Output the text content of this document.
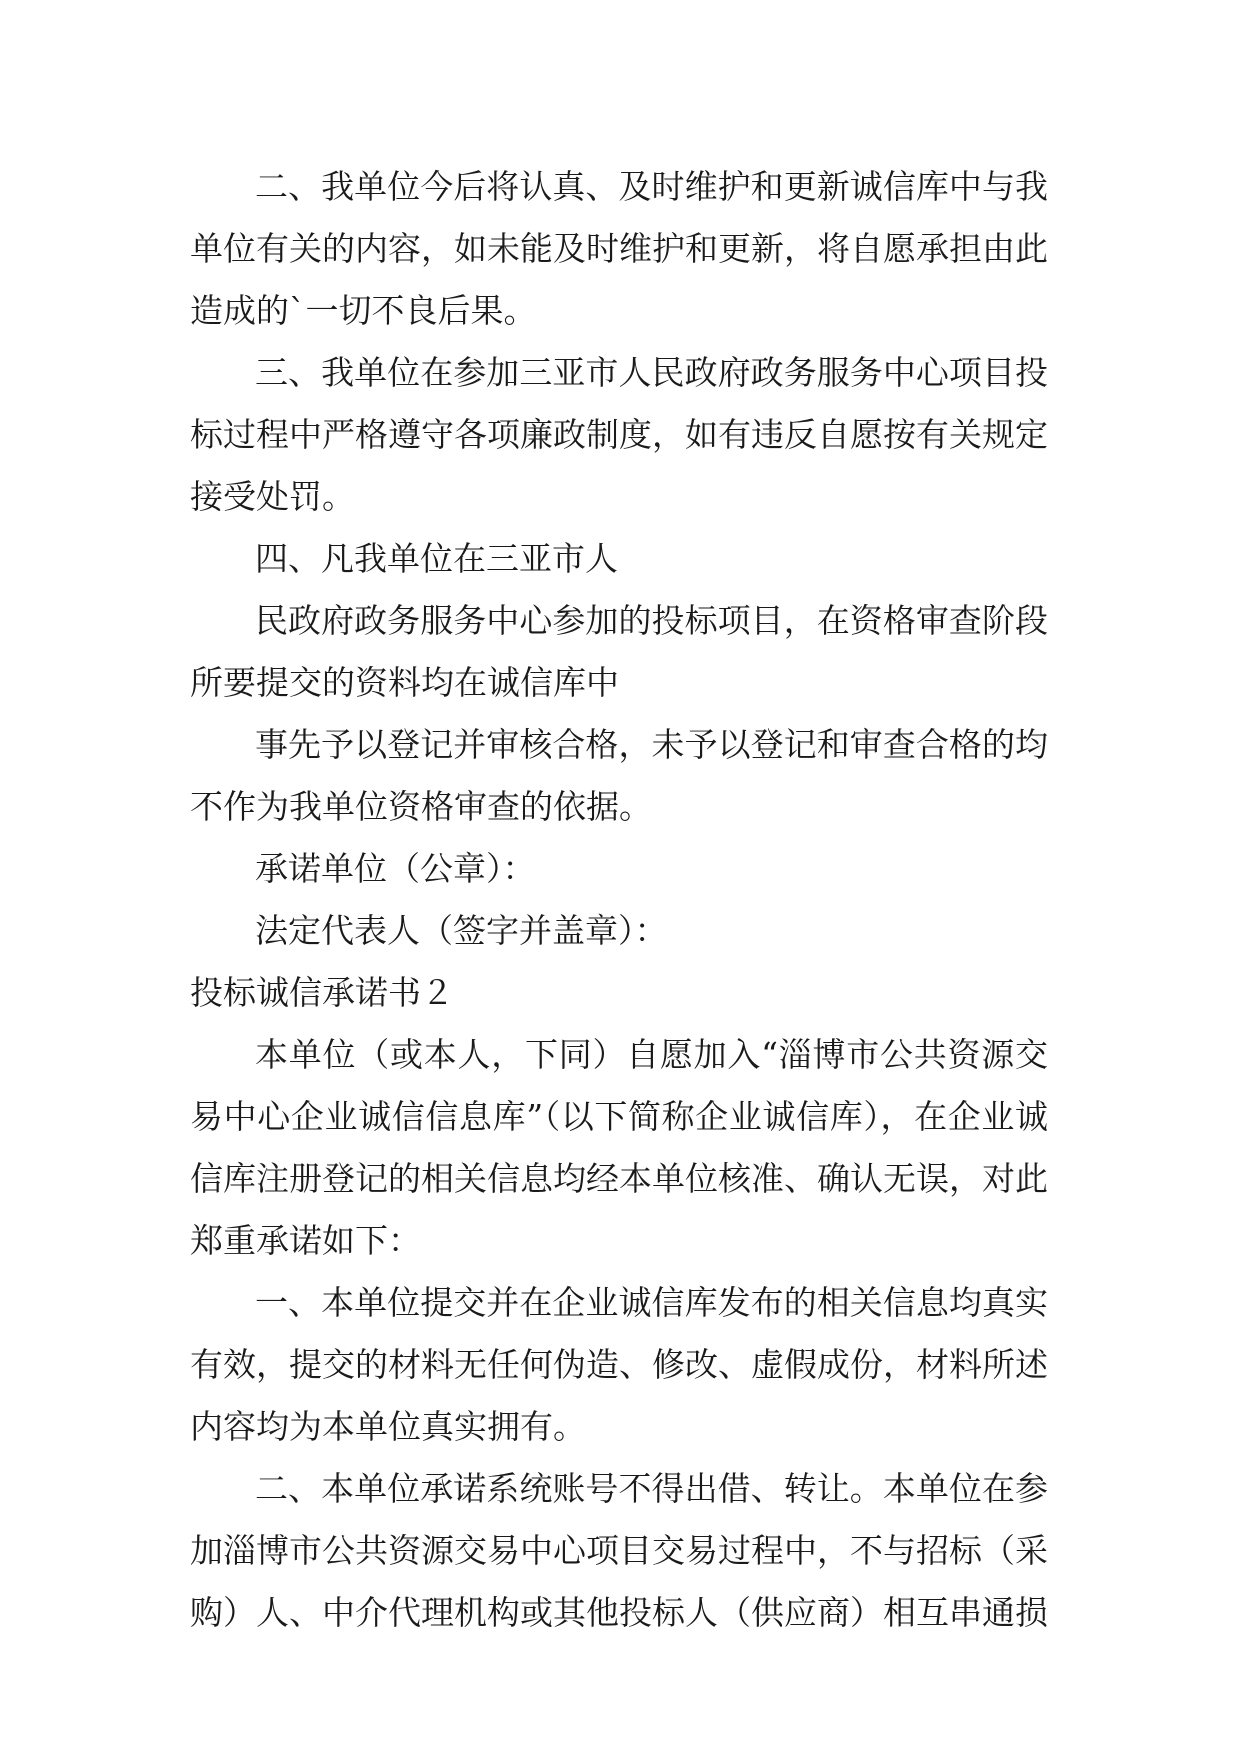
二、我单位今后将认真、及时维护和更新诚信库中与我

单位有关的内容，如未能及时维护和更新，将自愿承担由此

造成的`一切不良后果。

三、我单位在参加三亚市人民政府政务服务中心项目投

标过程中严格遵守各项廉政制度，如有违反自愿按有关规定

接受处罚。

四、凡我单位在三亚市人

民政府政务服务中心参加的投标项目，在资格审查阶段

所要提交的资料均在诚信库中

事先予以登记并审核合格，未予以登记和审查合格的均

不作为我单位资格审查的依据。

承诺单位（公章）：

法定代表人（签字并盖章）：

投标诚信承诺书２

本单位（或本人，下同）自愿加入“淄博市公共资源交

易中心企业诚信信息库”（以下简称企业诚信库），在企业诚

信库注册登记的相关信息均经本单位核准、确认无误，对此

郑重承诺如下：

一、本单位提交并在企业诚信库发布的相关信息均真实

有效，提交的材料无任何伪造、修改、虚假成份，材料所述

内容均为本单位真实拥有。

二、本单位承诺系统账号不得出借、转让。本单位在参

加淄博市公共资源交易中心项目交易过程中，不与招标（采

购）人、中介代理机构或其他投标人（供应商）相互串通损
